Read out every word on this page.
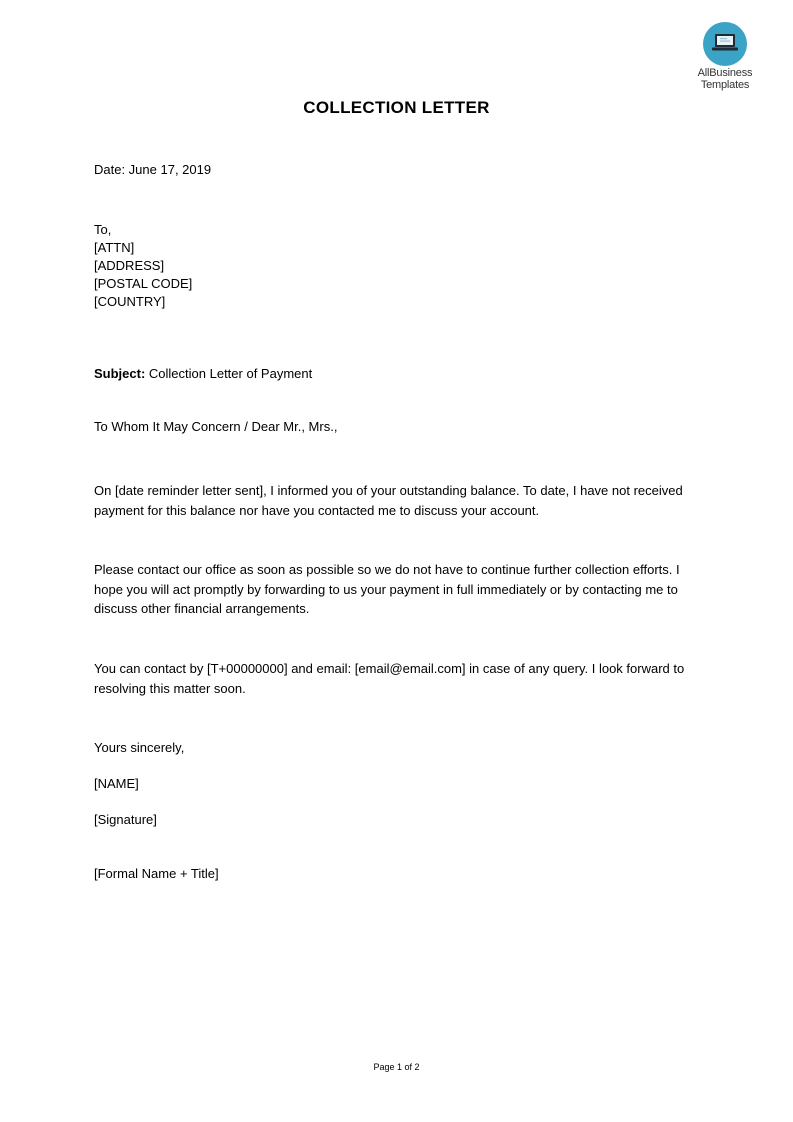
AllBusiness
Templates
COLLECTION LETTER
Date: June 17, 2019
To,
[ATTN]
[ADDRESS]
[POSTAL CODE]
[COUNTRY]
Subject: Collection Letter of Payment
To Whom It May Concern / Dear Mr., Mrs.,
On [date reminder letter sent], I informed you of your outstanding balance. To date, I have not received payment for this balance nor have you contacted me to discuss your account.
Please contact our office as soon as possible so we do not have to continue further collection efforts. I hope you will act promptly by forwarding to us your payment in full immediately or by contacting me to discuss other financial arrangements.
You can contact by [T+00000000] and email: [email@email.com] in case of any query. I look forward to resolving this matter soon.
Yours sincerely,
[NAME]
[Signature]
[Formal Name + Title]
Page 1 of 2
